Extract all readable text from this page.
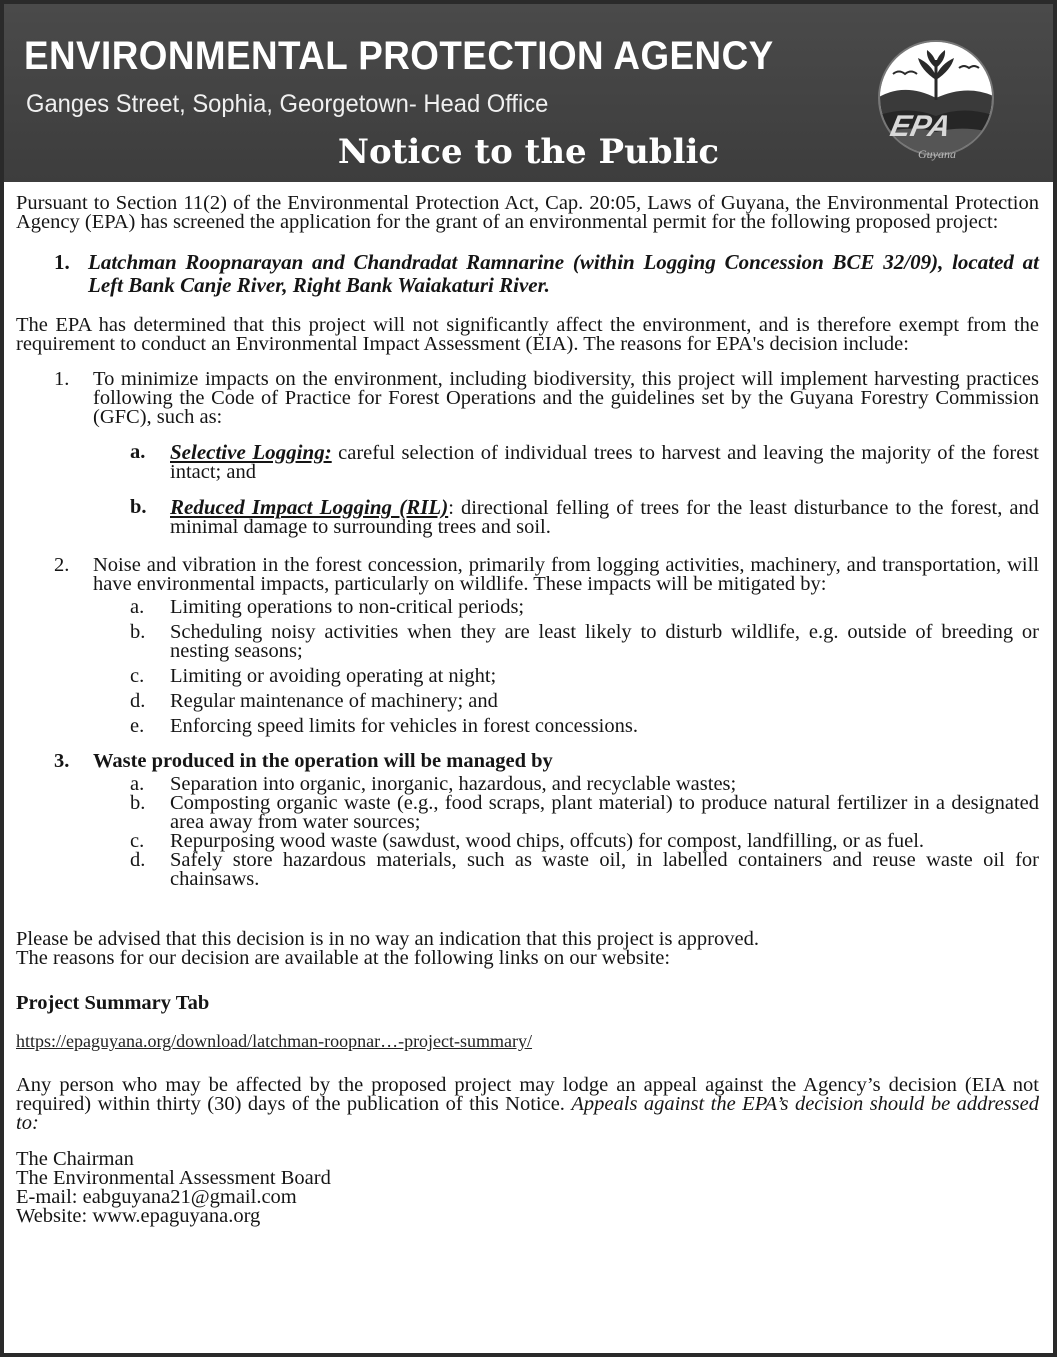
ENVIRONMENTAL PROTECTION AGENCY
Ganges Street, Sophia, Georgetown- Head Office
Notice to the Public
EPA
Guyana

Pursuant to Section 11(2) of the Environmental Protection Act, Cap. 20:05, Laws of Guyana, the Environmental Protection Agency (EPA) has screened the application for the grant of an environmental permit for the following proposed project:

1. Latchman Roopnarayan and Chandradat Ramnarine (within Logging Concession BCE 32/09), located at Left Bank Canje River, Right Bank Waiakaturi River.

The EPA has determined that this project will not significantly affect the environment, and is therefore exempt from the requirement to conduct an Environmental Impact Assessment (EIA). The reasons for EPA's decision include:

1.	To minimize impacts on the environment, including biodiversity, this project will implement harvesting practices following the Code of Practice for Forest Operations and the guidelines set by the Guyana Forestry Commission (GFC), such as:
a.	Selective Logging: careful selection of individual trees to harvest and leaving the majority of the forest intact; and
b.	Reduced Impact Logging (RIL): directional felling of trees for the least disturbance to the forest, and minimal damage to surrounding trees and soil.
2.	Noise and vibration in the forest concession, primarily from logging activities, machinery, and transportation, will have environmental impacts, particularly on wildlife. These impacts will be mitigated by:
a.	Limiting operations to non-critical periods;
b.	Scheduling noisy activities when they are least likely to disturb wildlife, e.g. outside of breeding or nesting seasons;
c.	Limiting or avoiding operating at night;
d.	Regular maintenance of machinery; and
e.	Enforcing speed limits for vehicles in forest concessions.
3.	Waste produced in the operation will be managed by
a.	Separation into organic, inorganic, hazardous, and recyclable wastes;
b.	Composting organic waste (e.g., food scraps, plant material) to produce natural fertilizer in a designated area away from water sources;
c.	Repurposing wood waste (sawdust, wood chips, offcuts) for compost, landfilling, or as fuel.
d.	Safely store hazardous materials, such as waste oil, in labelled containers and reuse waste oil for chainsaws.

Please be advised that this decision is in no way an indication that this project is approved.

The reasons for our decision are available at the following links on our website:

Project Summary Tab

https://epaguyana.org/download/latchman-roopnar…-project-summary/

Any person who may be affected by the proposed project may lodge an appeal against the Agency’s decision (EIA not required) within thirty (30) days of the publication of this Notice. Appeals against the EPA’s decision should be addressed to:

The Chairman

The Environmental Assessment Board

E-mail: eabguyana21@gmail.com

Website: www.epaguyana.org
